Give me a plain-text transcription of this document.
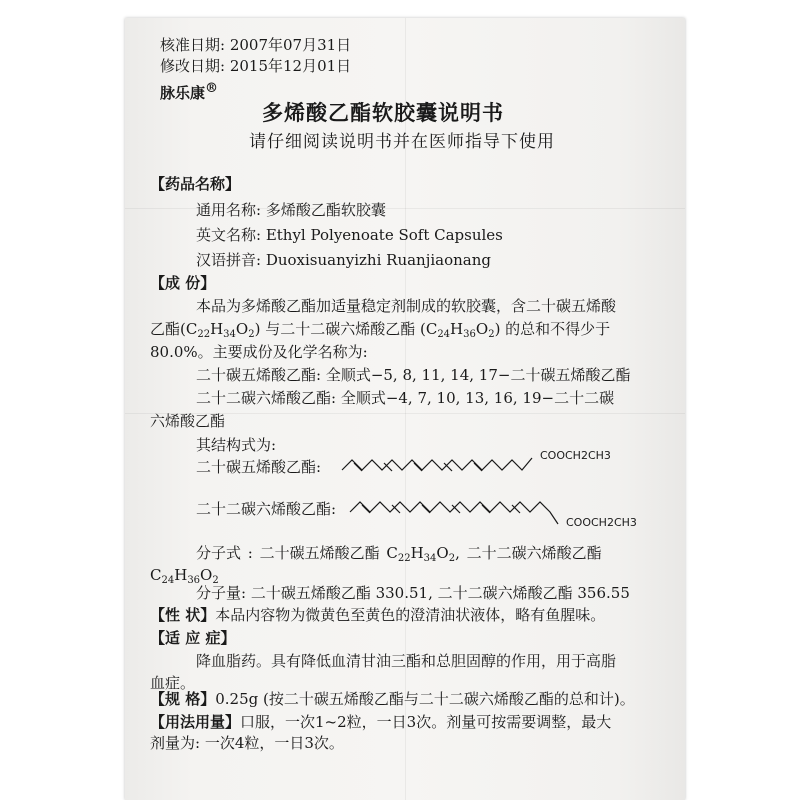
核准日期: 2007年07月31日
修改日期: 2015年12月01日
脉乐康®
多烯酸乙酯软胶囊说明书
请仔细阅读说明书并在医师指导下使用
【药品名称】
通用名称: 多烯酸乙酯软胶囊
英文名称: Ethyl Polyenoate Soft Capsules
汉语拼音: Duoxisuanyizhi Ruanjiaonang
【成 份】
本品为多烯酸乙酯加适量稳定剂制成的软胶囊，含二十碳五烯酸
乙酯$(C_{22}H_{34}O_2)$ 与二十二碳六烯酸乙酯 $(C_{24}H_{36}O_2)$ 的总和不得少于
80.0%。主要成份及化学名称为:
二十碳五烯酸乙酯: 全顺式−5, 8, 11, 14, 17−二十碳五烯酸乙酯
二十二碳六烯酸乙酯: 全顺式−4, 7, 10, 13, 16, 19−二十二碳
六烯酸乙酯
其结构式为:
二十碳五烯酸乙酯:
COOCH2CH3
二十二碳六烯酸乙酯:
COOCH2CH3
分子式 : 二十碳五烯酸乙酯 $C_{22}H_{34}O_2$, 二十二碳六烯酸乙酯
$C_{24}H_{36}O_2$
分子量: 二十碳五烯酸乙酯 330.51, 二十二碳六烯酸乙酯 356.55
【性 状】本品内容物为微黄色至黄色的澄清油状液体，略有鱼腥味。
【适 应 症】
降血脂药。具有降低血清甘油三酯和总胆固醇的作用，用于高脂
血症。
【规 格】0.25g (按二十碳五烯酸乙酯与二十二碳六烯酸乙酯的总和计)。
【用法用量】口服，一次1~2粒，一日3次。剂量可按需要调整，最大
剂量为: 一次4粒，一日3次。
